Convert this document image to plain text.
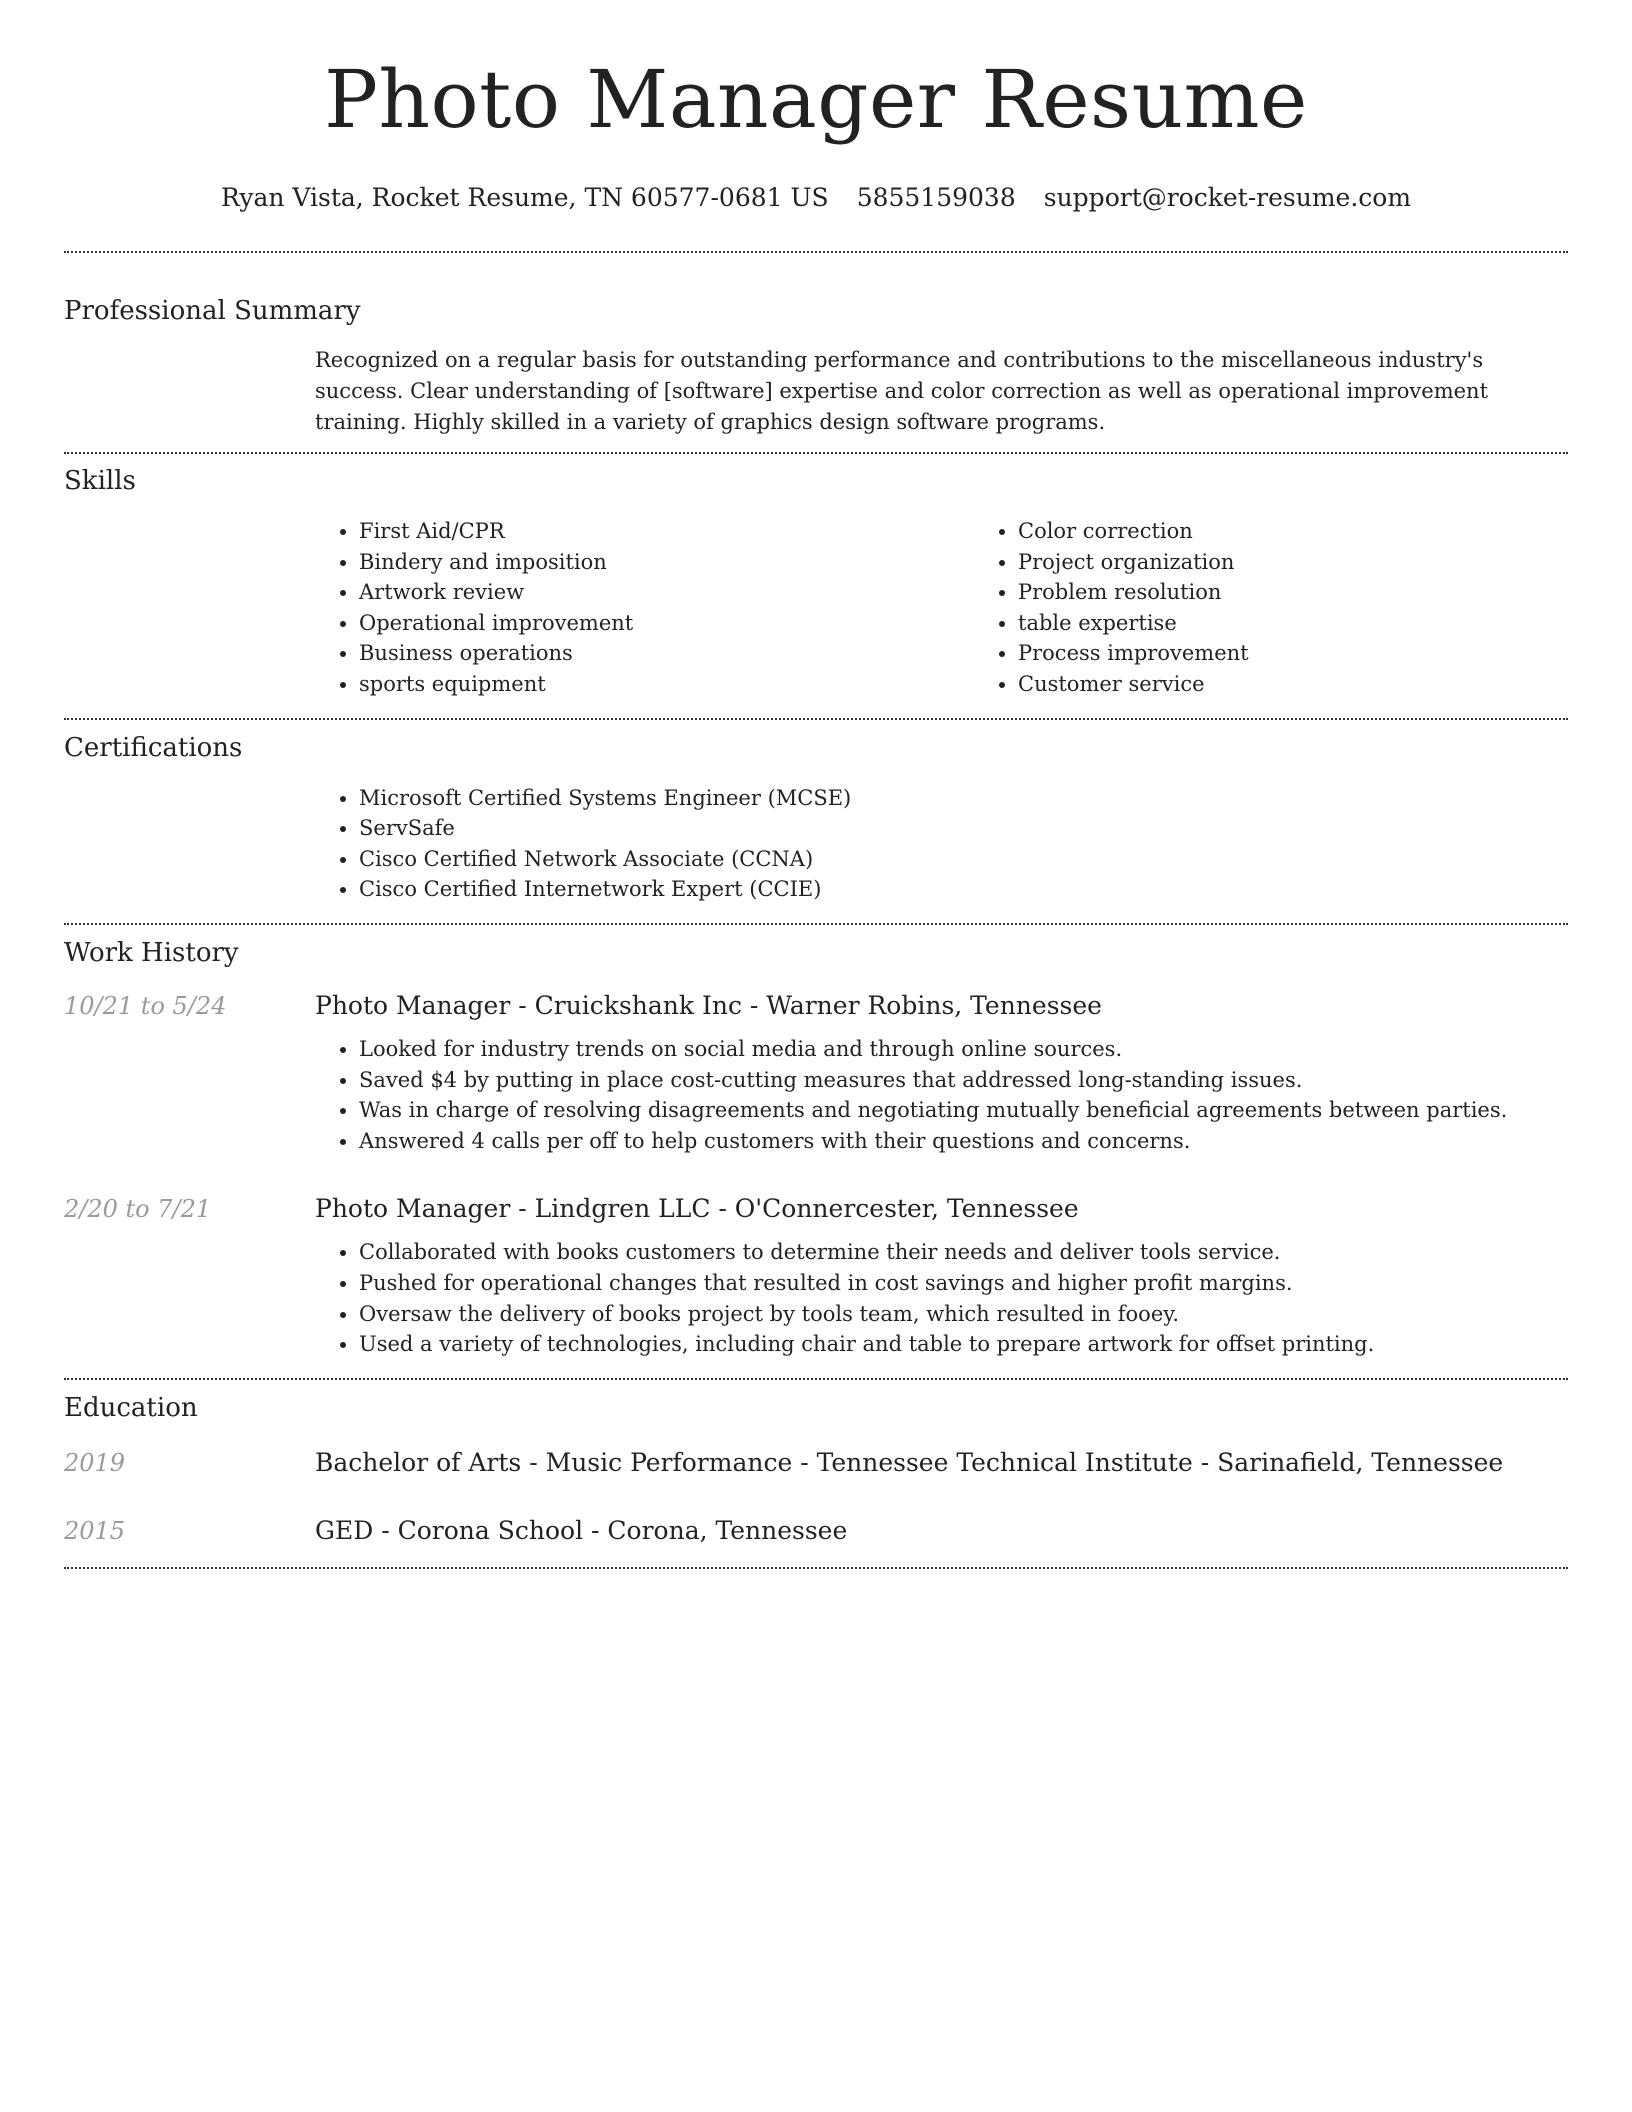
Photo Manager Resume
Ryan Vista, Rocket Resume, TN 60577-0681 US 5855159038 support@rocket-resume.com
Professional Summary

Recognized on a regular basis for outstanding performance and contributions to the miscellaneous industry's success. Clear understanding of [software] expertise and color correction as well as operational improvement training. Highly skilled in a variety of graphics design software programs.

Skills
• First Aid/CPR
• Bindery and imposition
• Artwork review
• Operational improvement
• Business operations
• sports equipment
• Color correction
• Project organization
• Problem resolution
• table expertise
• Process improvement
• Customer service
Certifications
• Microsoft Certified Systems Engineer (MCSE)
• ServSafe
• Cisco Certified Network Associate (CCNA)
• Cisco Certified Internetwork Expert (CCIE)
Work History
10/21 to 5/24	Photo Manager - Cruickshank Inc - Warner Robins, Tennessee

• Looked for industry trends on social media and through online sources.
• Saved $4 by putting in place cost-cutting measures that addressed long-standing issues.
• Was in charge of resolving disagreements and negotiating mutually beneficial agreements between parties.
• Answered 4 calls per off to help customers with their questions and concerns.
2/20 to 7/21	Photo Manager - Lindgren LLC - O'Connercester, Tennessee

• Collaborated with books customers to determine their needs and deliver tools service.
• Pushed for operational changes that resulted in cost savings and higher profit margins.
• Oversaw the delivery of books project by tools team, which resulted in fooey.
• Used a variety of technologies, including chair and table to prepare artwork for offset printing.
Education
2019	Bachelor of Arts - Music Performance - Tennessee Technical Institute - Sarinafield, Tennessee

2015	GED - Corona School - Corona, Tennessee
